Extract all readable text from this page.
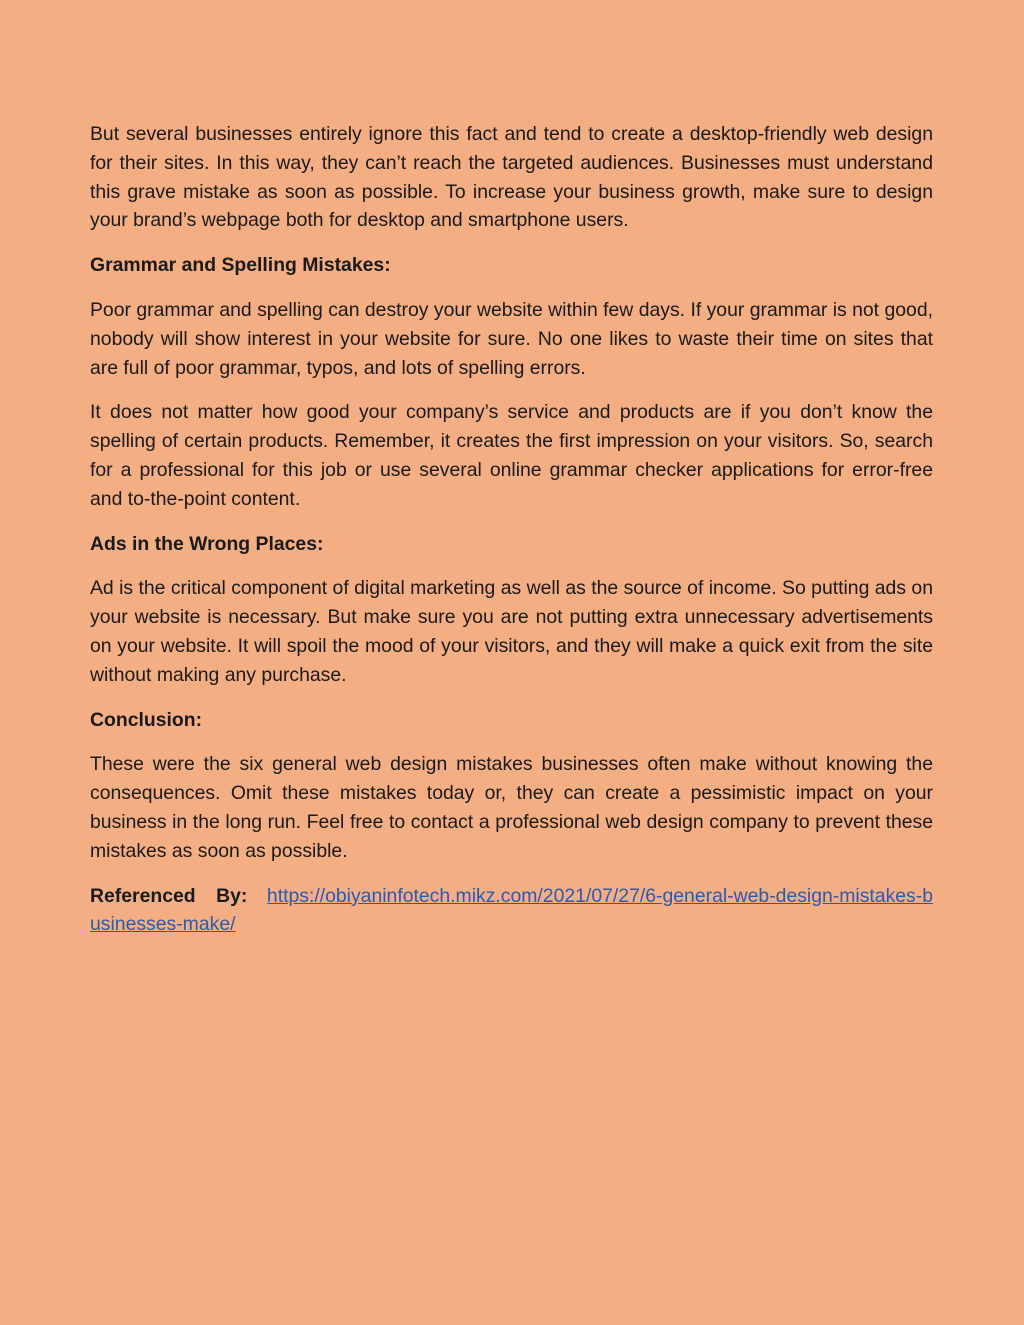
But several businesses entirely ignore this fact and tend to create a desktop-friendly web design for their sites. In this way, they can’t reach the targeted audiences. Businesses must understand this grave mistake as soon as possible. To increase your business growth, make sure to design your brand’s webpage both for desktop and smartphone users.

Grammar and Spelling Mistakes:

Poor grammar and spelling can destroy your website within few days. If your grammar is not good, nobody will show interest in your website for sure. No one likes to waste their time on sites that are full of poor grammar, typos, and lots of spelling errors.

It does not matter how good your company’s service and products are if you don’t know the spelling of certain products. Remember, it creates the first impression on your visitors. So, search for a professional for this job or use several online grammar checker applications for error-free and to-the-point content.

Ads in the Wrong Places:

Ad is the critical component of digital marketing as well as the source of income. So putting ads on your website is necessary. But make sure you are not putting extra unnecessary advertisements on your website. It will spoil the mood of your visitors, and they will make a quick exit from the site without making any purchase.

Conclusion:

These were the six general web design mistakes businesses often make without knowing the consequences. Omit these mistakes today or, they can create a pessimistic impact on your business in the long run. Feel free to contact a professional web design company to prevent these mistakes as soon as possible.

Referenced By: https://obiyaninfotech.mikz.com/2021/07/27/6-general-web-design-mistakes-businesses-make/
